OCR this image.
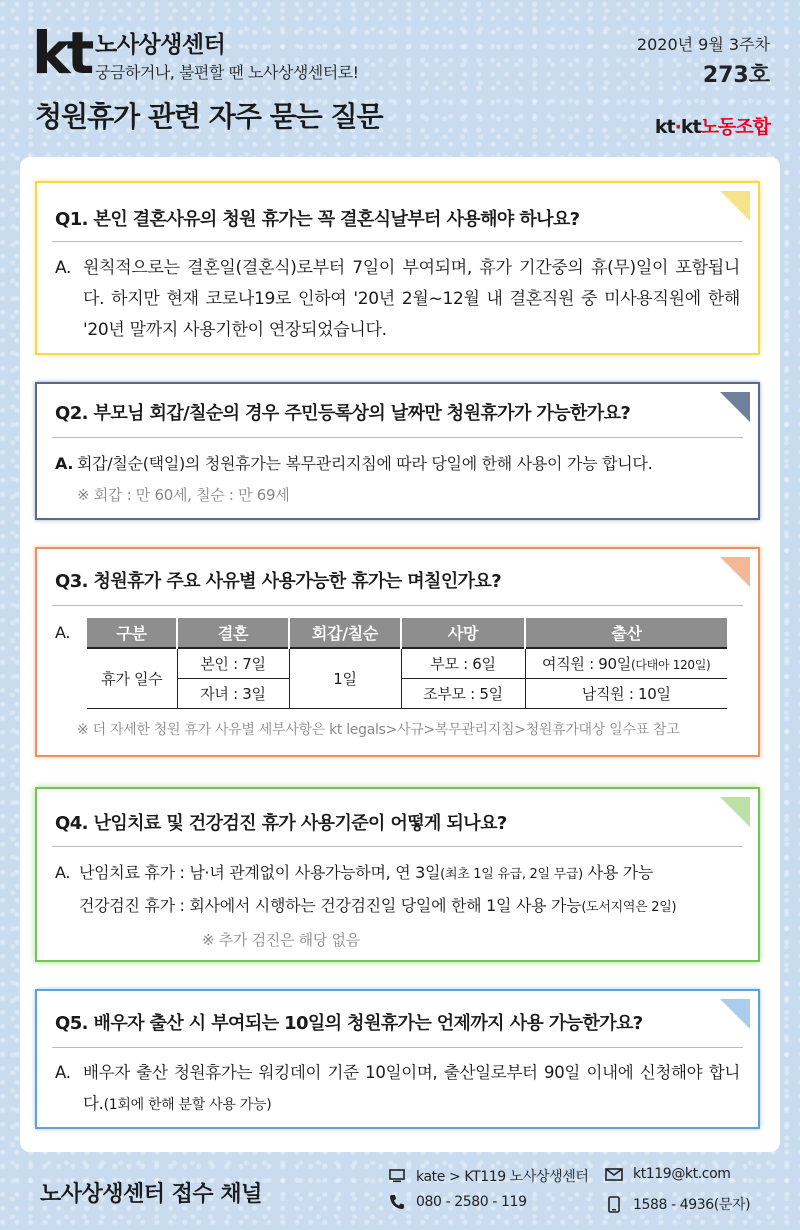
kt 노사상생센터
궁금하거나, 불편할 땐 노사상생센터로!
청원휴가 관련 자주 묻는 질문
2020년 9월 3주차
273호
kt·kt노동조합
Q1. 본인 결혼사유의 청원 휴가는 꼭 결혼식날부터 사용해야 하나요?
A. 원칙적으로는 결혼일(결혼식)로부터 7일이 부여되며, 휴가 기간중의 휴(무)일이 포함됩니다. 하지만 현재 코로나19로 인하여 '20년 2월~12월 내 결혼직원 중 미사용직원에 한해 '20년 말까지 사용기한이 연장되었습니다.
Q2. 부모님 회갑/칠순의 경우 주민등록상의 날짜만 청원휴가가 가능한가요?
A. 회갑/칠순(택일)의 청원휴가는 복무관리지침에 따라 당일에 한해 사용이 가능 합니다.
※ 회갑 : 만 60세, 칠순 : 만 69세
Q3. 청원휴가 주요 사유별 사용가능한 휴가는 며칠인가요?
A.	구분	결혼	회갑/칠순	사망	출산
휴가 일수	본인 : 7일	1일	부모 : 6일	여직원 : 90일(다태아 120일)
	자녀 : 3일		조부모 : 5일	남직원 : 10일
※ 더 자세한 청원 휴가 사유별 세부사항은 kt legals>사규>복무관리지침>청원휴가대상 일수표 참고
Q4. 난임치료 및 건강검진 휴가 사용기준이 어떻게 되나요?
A. 난임치료 휴가 : 남·녀 관계없이 사용가능하며, 연 3일(최초 1일 유급, 2일 무급) 사용 가능
건강검진 휴가 : 회사에서 시행하는 건강검진일 당일에 한해 1일 사용 가능(도서지역은 2일)
※ 추가 검진은 해당 없음
Q5. 배우자 출산 시 부여되는 10일의 청원휴가는 언제까지 사용 가능한가요?
A. 배우자 출산 청원휴가는 워킹데이 기준 10일이며, 출산일로부터 90일 이내에 신청해야 합니다.(1회에 한해 분할 사용 가능)
노사상생센터 접수 채널
kate > KT119 노사상생센터	kt119@kt.com
080 - 2580 - 119	1588 - 4936(문자)
